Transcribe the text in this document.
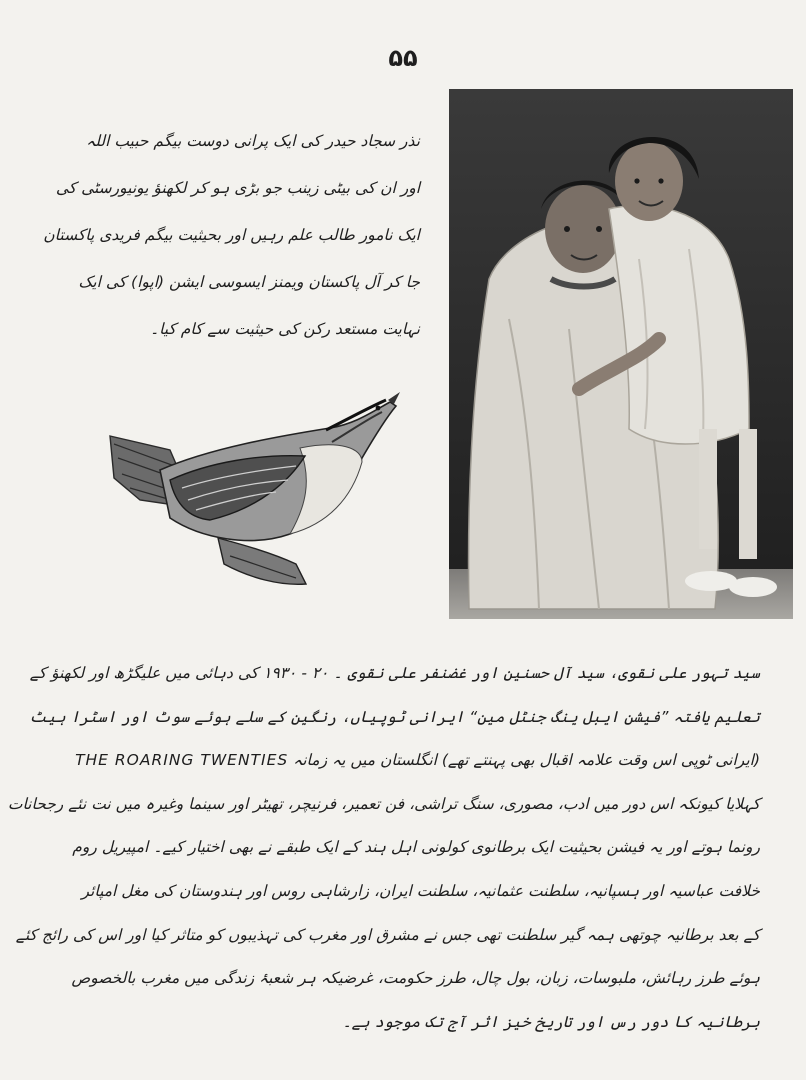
۵۵
نذر سجاد حیدر کی ایک پرانی دوست بیگم حبیب اللہ
اور ان کی بیٹی زینب جو بڑی ہو کر لکھنؤ یونیورسٹی کی
ایک نامور طالب علم رہیں اور بحیثیت بیگم فریدی پاکستان
جا کر آل پاکستان ویمنز ایسوسی ایشن (اپوا) کی ایک
نہایت مستعد رکن کی حیثیت سے کام کیا۔
سید تہور علی نقوی، سید آل حسنین اور غضنفر علی نقوی ۔ ۲۰ - ۱۹۳۰ کی دہائی میں علیگڑھ اور لکھنؤ کے
تعلیم یافتہ ”فیشن ایبل ینگ جنٹل مین“ ایرانی ٹوپیاں، رنگین کے سلے ہوئے سوٹ اور اسٹرا ہیٹ
(ایرانی ٹوپی اس وقت علامہ اقبال بھی پہنتے تھے) انگلستان میں یہ زمانہ THE ROARING TWENTIES
کہلایا کیونکہ اس دور میں ادب، مصوری، سنگ تراشی، فن تعمیر، فرنیچر، تھیٹر اور سینما وغیرہ میں نت نئے رجحانات
رونما ہوتے اور یہ فیشن بحیثیت ایک برطانوی کولونی اہل ہند کے ایک طبقے نے بھی اختیار کیے۔ امپیریل روم
خلافت عباسیہ اور ہسپانیہ، سلطنت عثمانیہ، سلطنت ایران، زارشاہی روس اور ہندوستان کی مغل امپائر
کے بعد برطانیہ چوتھی ہمہ گیر سلطنت تھی جس نے مشرق اور مغرب کی تہذیبوں کو متاثر کیا اور اس کی رائج کئے
ہوئے طرز رہائش، ملبوسات، زبان، بول چال، طرز حکومت، غرضیکہ ہر شعبۂ زندگی میں مغرب بالخصوص
برطانیہ کا دور رس اور تاریخ خیز اثر آج تک موجود ہے۔
